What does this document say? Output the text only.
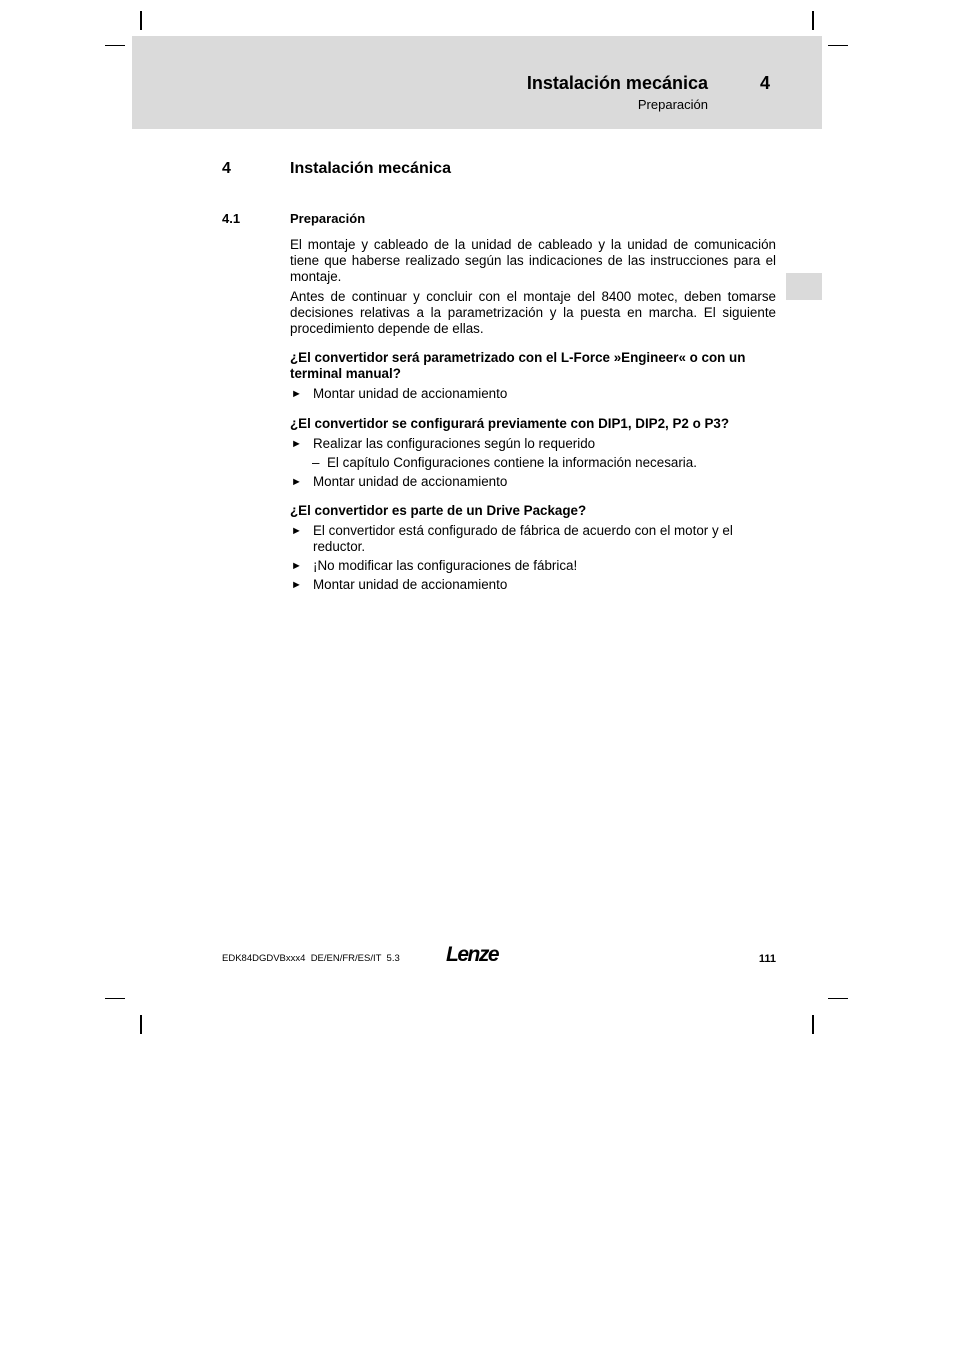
Instalación mecánica	4
Preparación
4	Instalación mecánica
4.1	Preparación

El montaje y cableado de la unidad de cableado y la unidad de comunicación tiene que haberse realizado según las indicaciones de las instrucciones para el montaje.

Antes de continuar y concluir con el montaje del 8400 motec, deben tomarse decisiones relativas a la parametrización y la puesta en marcha. El siguiente procedimiento depende de ellas.

¿El convertidor será parametrizado con el L-Force »Engineer« o con un terminal manual?
► Montar unidad de accionamiento
¿El convertidor se configurará previamente con DIP1, DIP2, P2 o P3?
► Realizar las configuraciones según lo requerido
– El capítulo Configuraciones contiene la información necesaria.
► Montar unidad de accionamiento
¿El convertidor es parte de un Drive Package?
► El convertidor está configurado de fábrica de acuerdo con el motor y el reductor.
► ¡No modificar las configuraciones de fábrica!
► Montar unidad de accionamiento
EDK84DGDVBxxx4  DE/EN/FR/ES/IT  5.3 Lenze	111
